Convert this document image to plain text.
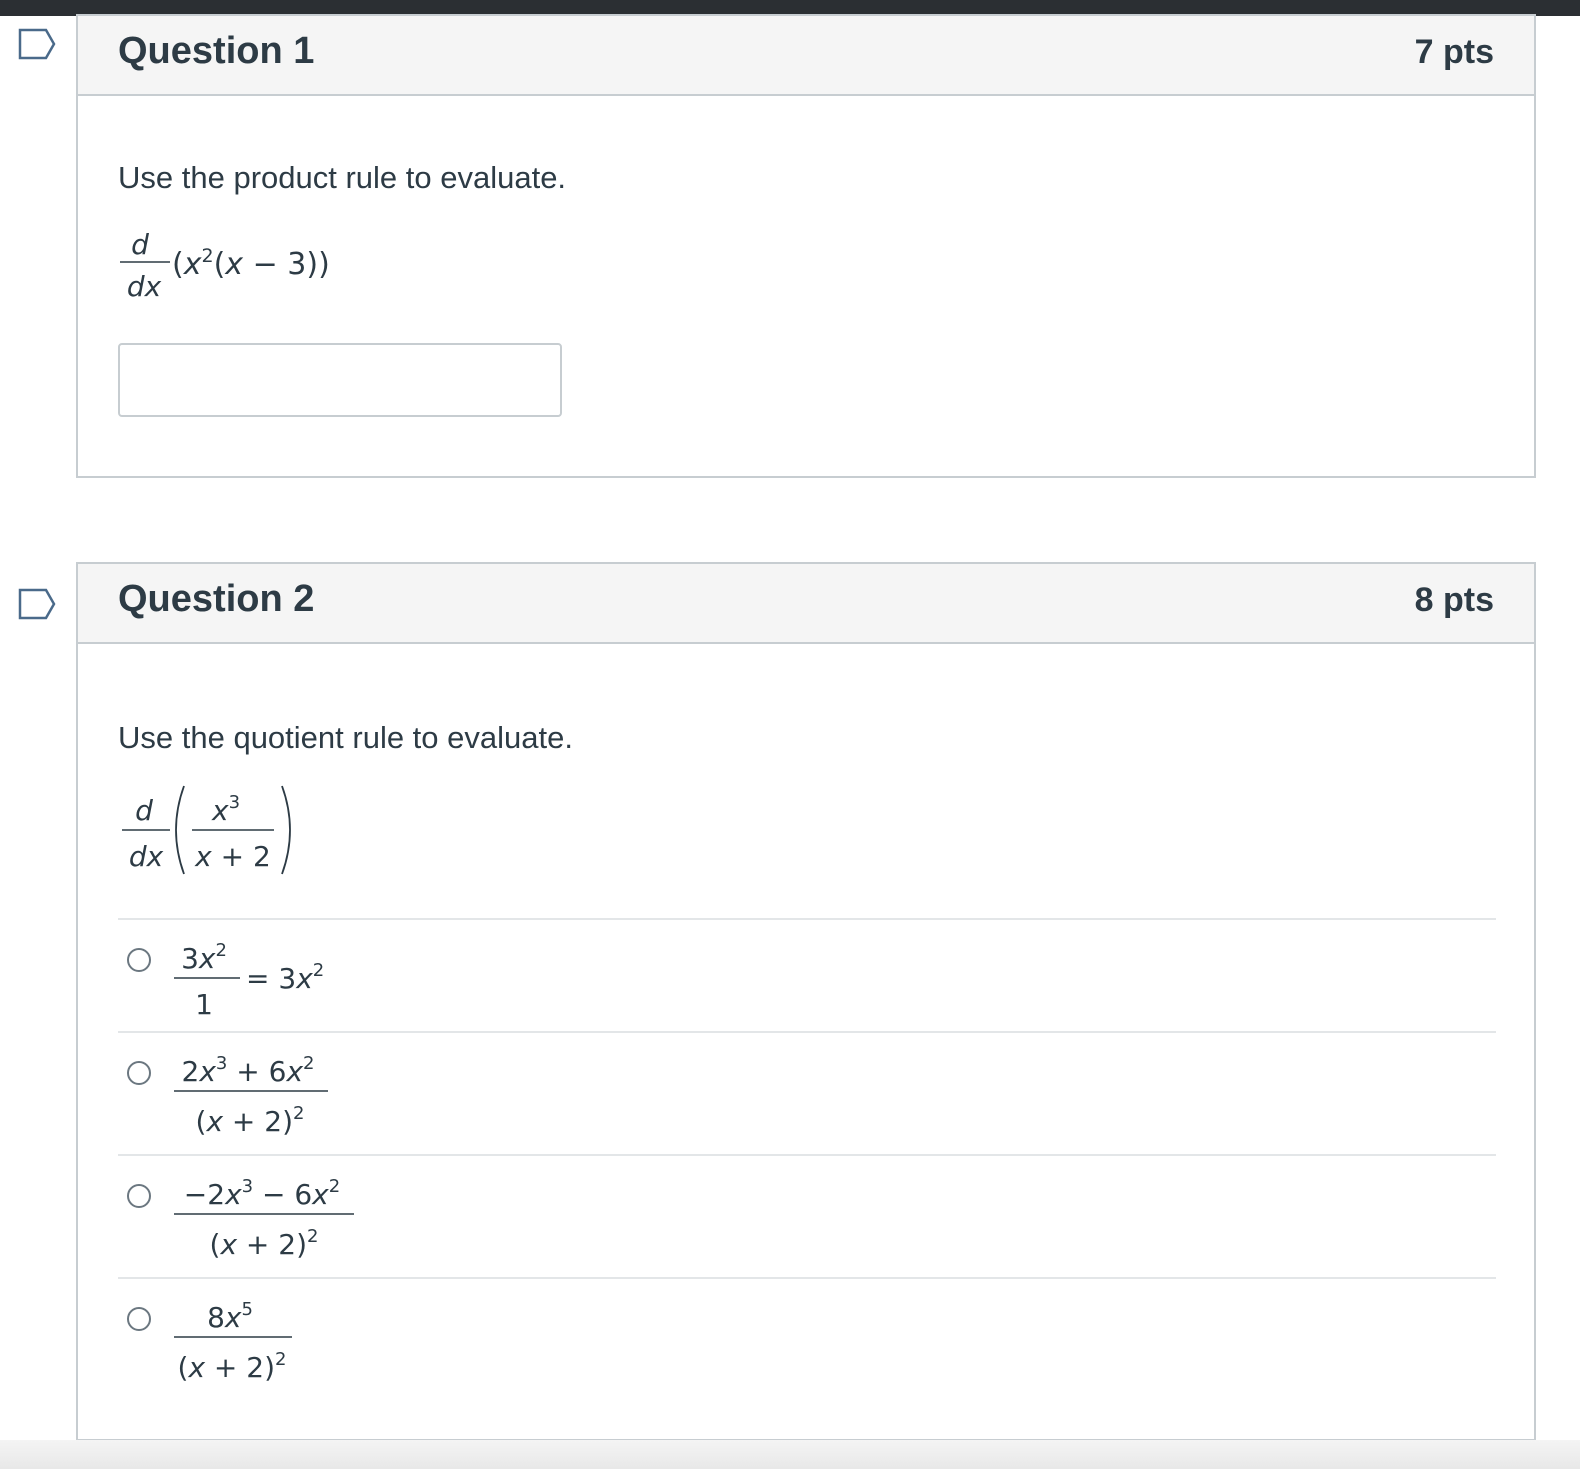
Question 1	7 pts
Use the product rule to evaluate.
d
dx
$(x^2(x - 3))$
Question 2	8 pts
Use the quotient rule to evaluate.
d
dx
$x^3$
x + 2
$3x^2$
1
= $3x^2$
$2x^3 + 6x^2$
$(x + 2)^2$
$-2x^3 - 6x^2$
$(x + 2)^2$
$8x^5$
$(x + 2)^2$
